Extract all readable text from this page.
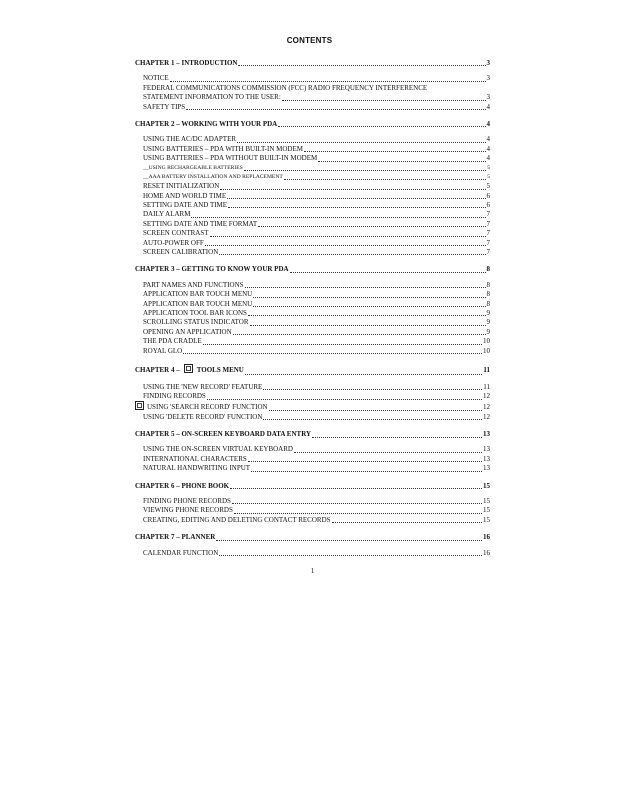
CONTENTS
CHAPTER 1 – INTRODUCTION	3
NOTICE	3
FEDERAL COMMUNICATIONS COMMISSION (FCC) RADIO FREQUENCY INTERFERENCE
STATEMENT INFORMATION TO THE USER:	3
SAFETY TIPS	4
CHAPTER 2 – WORKING WITH YOUR PDA	4
USING THE AC/DC ADAPTER	4
USING BATTERIES – PDA WITH BUILT-IN MODEM	4
USING BATTERIES – PDA WITHOUT BUILT-IN MODEM	4
__USING RECHARGEABLE BATTERIES	5
__AAA BATTERY INSTALLATION AND REPLACEMENT	5
RESET INITIALIZATION	5
HOME AND WORLD TIME	6
SETTING DATE AND TIME	6
DAILY ALARM	7
SETTING DATE AND TIME FORMAT	7
SCREEN CONTRAST	7
AUTO-POWER OFF	7
SCREEN CALIBRATION	7
CHAPTER 3 – GETTING TO KNOW YOUR PDA	8
PART NAMES AND FUNCTIONS	8
APPLICATION BAR TOUCH MENU	8
APPLICATION BAR TOUCH MENU	8
APPLICATION TOOL BAR ICONS	9
SCROLLING STATUS INDICATOR	9
OPENING AN APPLICATION	9
THE PDA CRADLE	10
ROYAL GLO	10
CHAPTER 4 – TOOLS MENU	11
USING THE 'NEW RECORD' FEATURE	11
FINDING RECORDS	12
USING 'SEARCH RECORD' FUNCTION	12
USING 'DELETE RECORD' FUNCTION	12
CHAPTER 5 – ON-SCREEN KEYBOARD DATA ENTRY	13
USING THE ON-SCREEN VIRTUAL KEYBOARD	13
INTERNATIONAL CHARACTERS	13
NATURAL HANDWRITING INPUT	13
CHAPTER 6 – PHONE BOOK	15
FINDING PHONE RECORDS	15
VIEWING PHONE RECORDS	15
CREATING, EDITING AND DELETING CONTACT RECORDS	15
CHAPTER 7 – PLANNER	16
CALENDAR FUNCTION	16
1
